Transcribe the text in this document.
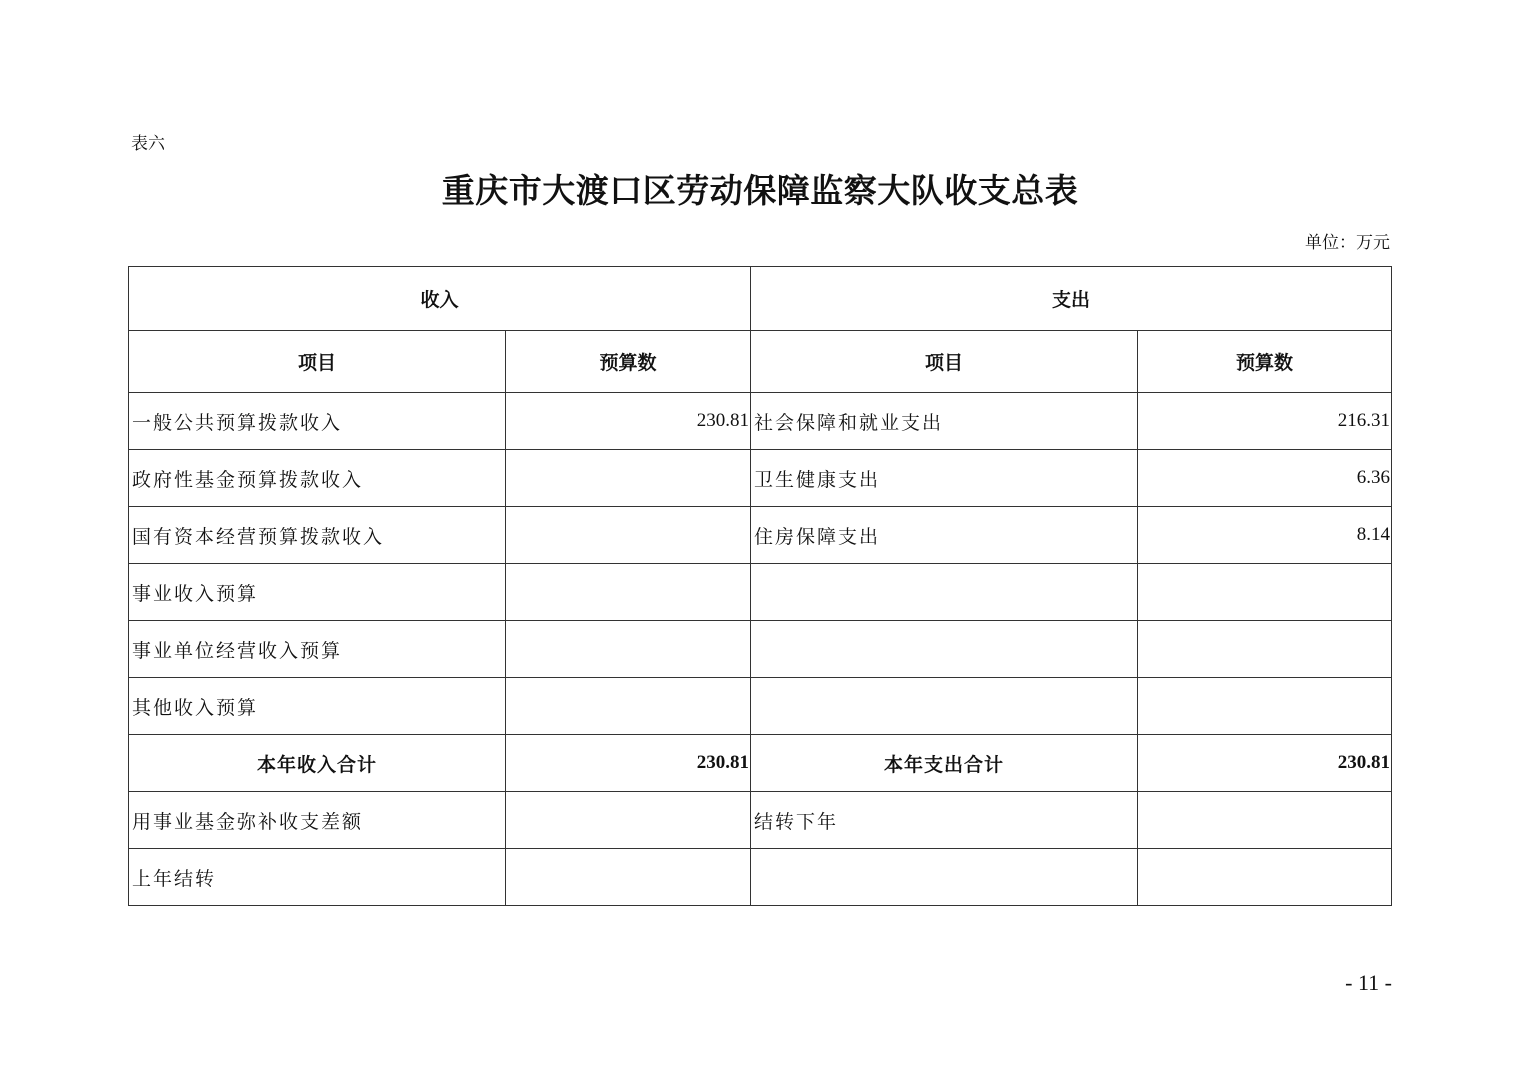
表六
重庆市大渡口区劳动保障监察大队收支总表
单位：万元
收入		支出	
项目	预算数	项目	预算数
一般公共预算拨款收入	230.81	社会保障和就业支出	216.31
政府性基金预算拨款收入		卫生健康支出	6.36
国有资本经营预算拨款收入		住房保障支出	8.14
事业收入预算			
事业单位经营收入预算			
其他收入预算			
本年收入合计	230.81	本年支出合计	230.81
用事业基金弥补收支差额		结转下年	
上年结转			
- 11 -
